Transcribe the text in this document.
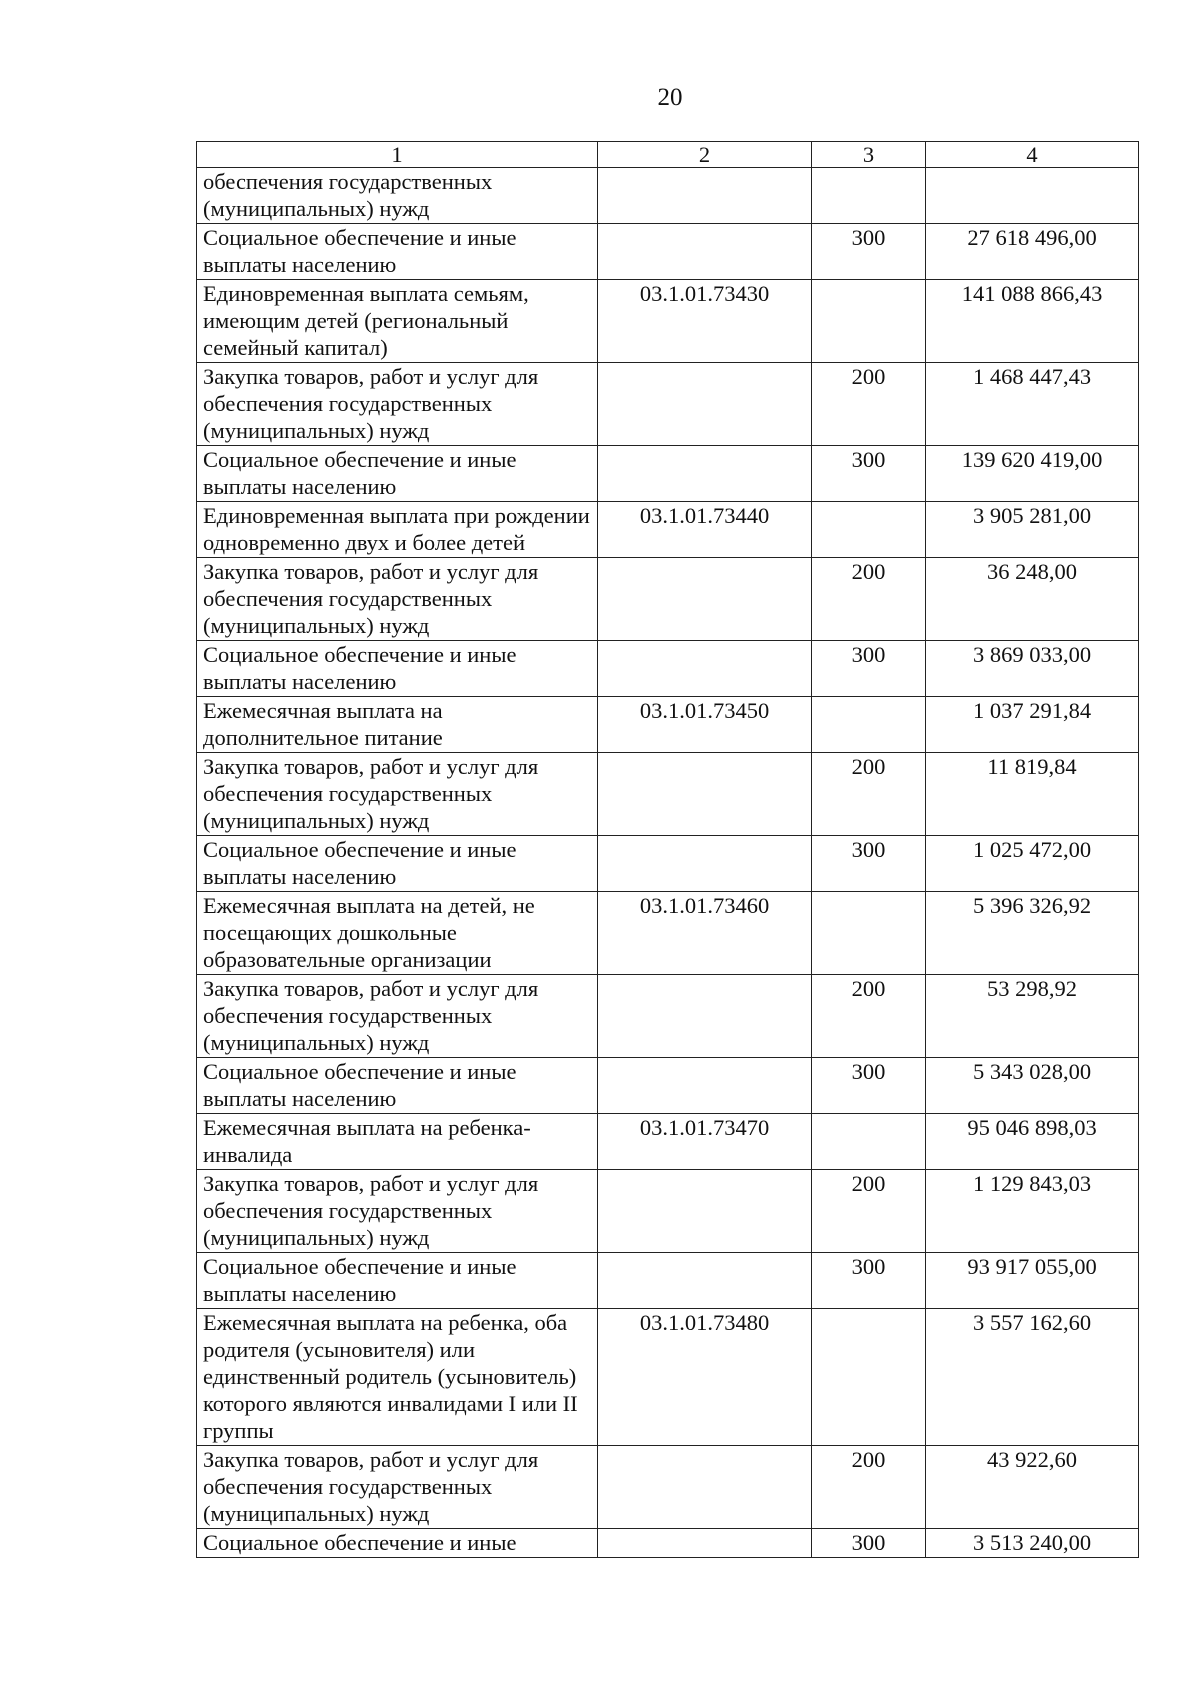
20
1	2	3	4
обеспечения государственных (муниципальных) нужд			
Социальное обеспечение и иные выплаты населению		300	27 618 496,00
Единовременная выплата семьям, имеющим детей (региональный семейный капитал)	03.1.01.73430		141 088 866,43
Закупка товаров, работ и услуг для обеспечения государственных (муниципальных) нужд		200	1 468 447,43
Социальное обеспечение и иные выплаты населению		300	139 620 419,00
Единовременная выплата при рождении одновременно двух и более детей	03.1.01.73440		3 905 281,00
Закупка товаров, работ и услуг для обеспечения государственных (муниципальных) нужд		200	36 248,00
Социальное обеспечение и иные выплаты населению		300	3 869 033,00
Ежемесячная выплата на дополнительное питание	03.1.01.73450		1 037 291,84
Закупка товаров, работ и услуг для обеспечения государственных (муниципальных) нужд		200	11 819,84
Социальное обеспечение и иные выплаты населению		300	1 025 472,00
Ежемесячная выплата на детей, не посещающих дошкольные образовательные организации	03.1.01.73460		5 396 326,92
Закупка товаров, работ и услуг для обеспечения государственных (муниципальных) нужд		200	53 298,92
Социальное обеспечение и иные выплаты населению		300	5 343 028,00
Ежемесячная выплата на ребенка-инвалида	03.1.01.73470		95 046 898,03
Закупка товаров, работ и услуг для обеспечения государственных (муниципальных) нужд		200	1 129 843,03
Социальное обеспечение и иные выплаты населению		300	93 917 055,00
Ежемесячная выплата на ребенка, оба родителя (усыновителя) или единственный родитель (усыновитель) которого являются инвалидами I или II группы	03.1.01.73480		3 557 162,60
Закупка товаров, работ и услуг для обеспечения государственных (муниципальных) нужд		200	43 922,60
Социальное обеспечение и иные		300	3 513 240,00
